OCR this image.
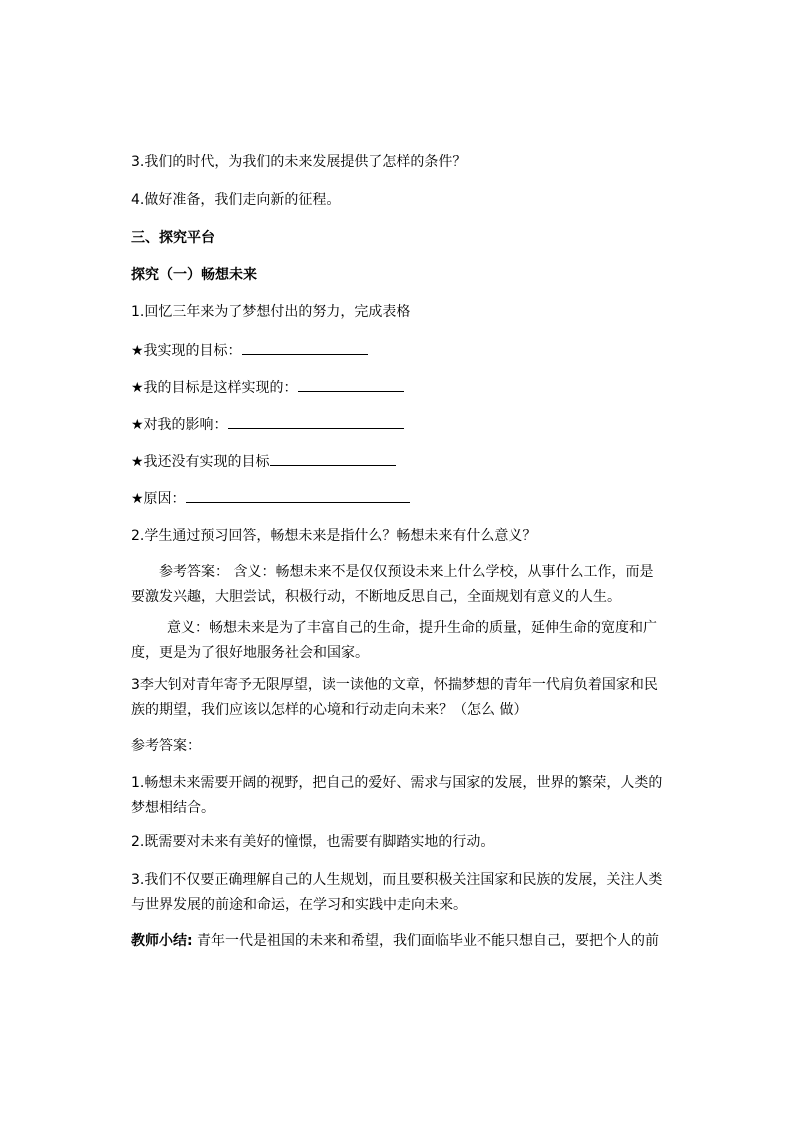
3.我们的时代，为我们的未来发展提供了怎样的条件？
4.做好准备，我们走向新的征程。
三、探究平台
探究（一）畅想未来
1.回忆三年来为了梦想付出的努力，完成表格
★我实现的目标：
★我的目标是这样实现的：
★对我的影响：
★我还没有实现的目标
★原因：
2.学生通过预习回答，畅想未来是指什么？畅想未来有什么意义？
参考答案： 含义：畅想未来不是仅仅预设未来上什么学校，从事什么工作，而是要激发兴趣，大胆尝试，积极行动，不断地反思自己，全面规划有意义的人生。
意义：畅想未来是为了丰富自己的生命，提升生命的质量，延伸生命的宽度和广度，更是为了很好地服务社会和国家。
3李大钊对青年寄予无限厚望，读一读他的文章，怀揣梦想的青年一代肩负着国家和民族的期望，我们应该以怎样的心境和行动走向未来？（怎么 做）
参考答案：
1.畅想未来需要开阔的视野，把自己的爱好、需求与国家的发展，世界的繁荣，人类的梦想相结合。
2.既需要对未来有美好的憧憬，也需要有脚踏实地的行动。
3.我们不仅要正确理解自己的人生规划，而且要积极关注国家和民族的发展，关注人类与世界发展的前途和命运，在学习和实践中走向未来。
教师小结: 青年一代是祖国的未来和希望，我们面临毕业不能只想自己，要把个人的前
